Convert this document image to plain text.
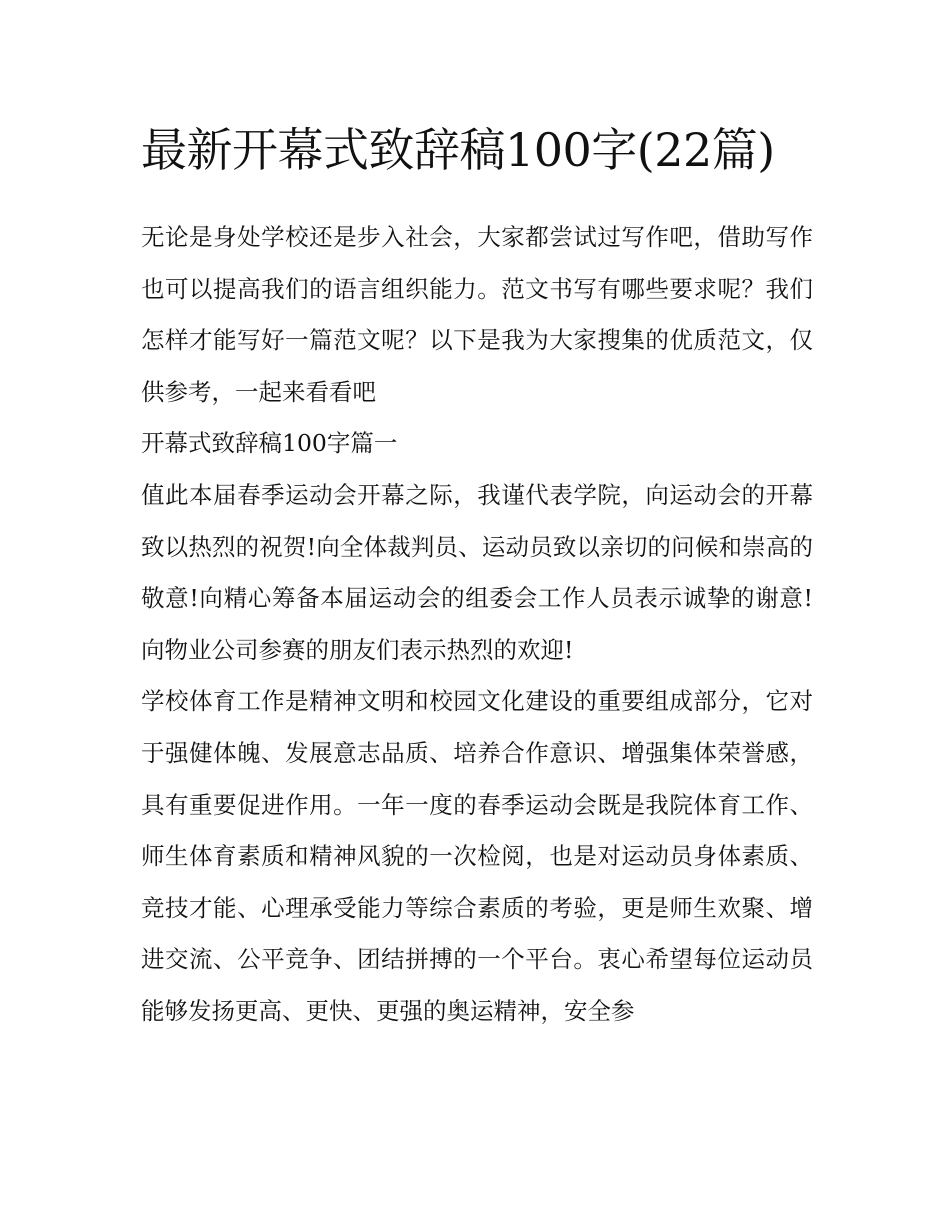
最新开幕式致辞稿100字(22篇)

无论是身处学校还是步入社会，大家都尝试过写作吧，借助写作也可以提高我们的语言组织能力。范文书写有哪些要求呢？我们怎样才能写好一篇范文呢？以下是我为大家搜集的优质范文，仅供参考，一起来看看吧

开幕式致辞稿100字篇一

值此本届春季运动会开幕之际，我谨代表学院，向运动会的开幕致以热烈的祝贺!向全体裁判员、运动员致以亲切的问候和崇高的敬意!向精心筹备本届运动会的组委会工作人员表示诚挚的谢意!向物业公司参赛的朋友们表示热烈的欢迎!

学校体育工作是精神文明和校园文化建设的重要组成部分，它对于强健体魄、发展意志品质、培养合作意识、增强集体荣誉感，具有重要促进作用。一年一度的春季运动会既是我院体育工作、师生体育素质和精神风貌的一次检阅，也是对运动员身体素质、竞技才能、心理承受能力等综合素质的考验，更是师生欢聚、增进交流、公平竞争、团结拼搏的一个平台。衷心希望每位运动员能够发扬更高、更快、更强的奥运精神，安全参
